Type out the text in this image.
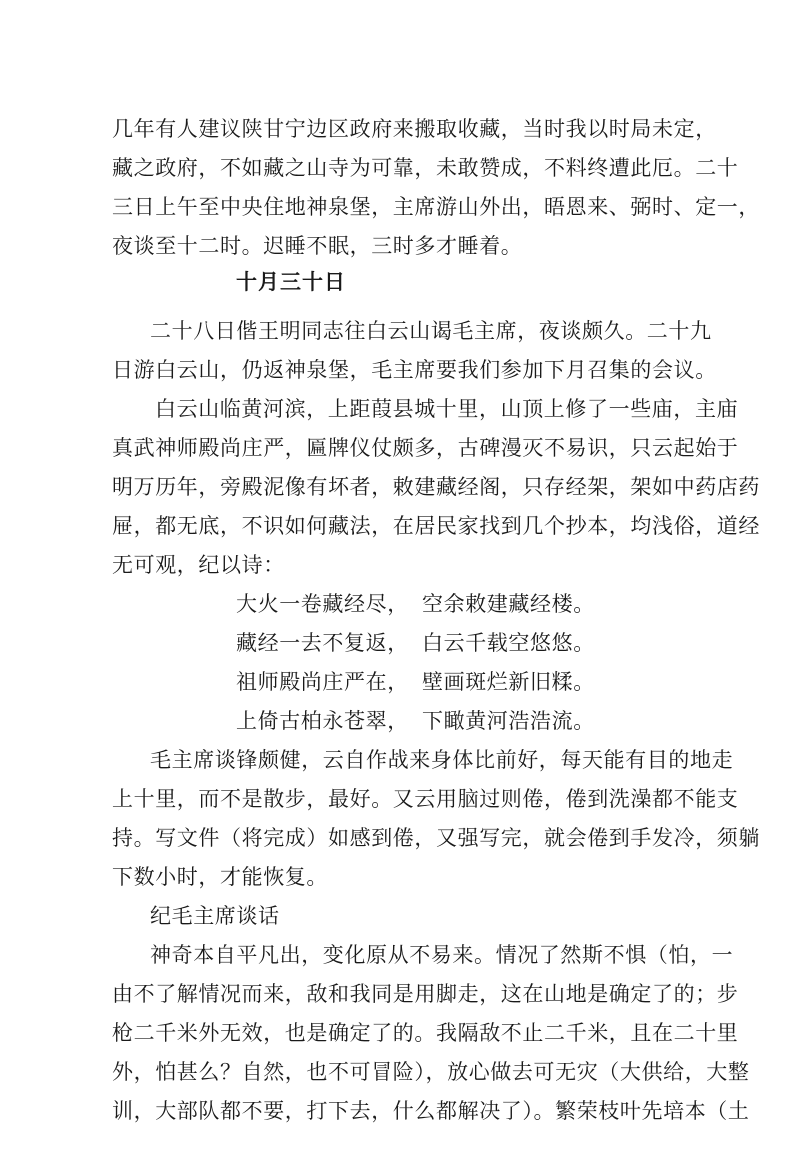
几年有人建议陕甘宁边区政府来搬取收藏，当时我以时局未定，
藏之政府，不如藏之山寺为可靠，未敢赞成，不料终遭此厄。二十
三日上午至中央住地神泉堡，主席游山外出，晤恩来、弼时、定一，
夜谈至十二时。迟睡不眠，三时多才睡着。
十月三十日
二十八日偕王明同志往白云山谒毛主席，夜谈颇久。二十九
日游白云山，仍返神泉堡，毛主席要我们参加下月召集的会议。
白云山临黄河滨，上距葭县城十里，山顶上修了一些庙，主庙
真武神师殿尚庄严，匾牌仪仗颇多，古碑漫灭不易识，只云起始于
明万历年，旁殿泥像有坏者，敕建藏经阁，只存经架，架如中药店药
屉，都无底，不识如何藏法，在居民家找到几个抄本，均浅俗，道经
无可观，纪以诗：
大火一卷藏经尽， 空余敕建藏经楼。
藏经一去不复返， 白云千载空悠悠。
祖师殿尚庄严在， 壁画斑烂新旧糅。
上倚古柏永苍翠， 下瞰黄河浩浩流。
毛主席谈锋颇健，云自作战来身体比前好，每天能有目的地走
上十里，而不是散步，最好。又云用脑过则倦，倦到洗澡都不能支
持。写文件（将完成）如感到倦，又强写完，就会倦到手发冷，须躺
下数小时，才能恢复。
纪毛主席谈话
神奇本自平凡出，变化原从不易来。情况了然斯不惧（怕，一
由不了解情况而来，敌和我同是用脚走，这在山地是确定了的；步
枪二千米外无效，也是确定了的。我隔敌不止二千米，且在二十里
外，怕甚么？自然，也不可冒险），放心做去可无灾（大供给，大整
训，大部队都不要，打下去，什么都解决了）。繁荣枝叶先培本（土
